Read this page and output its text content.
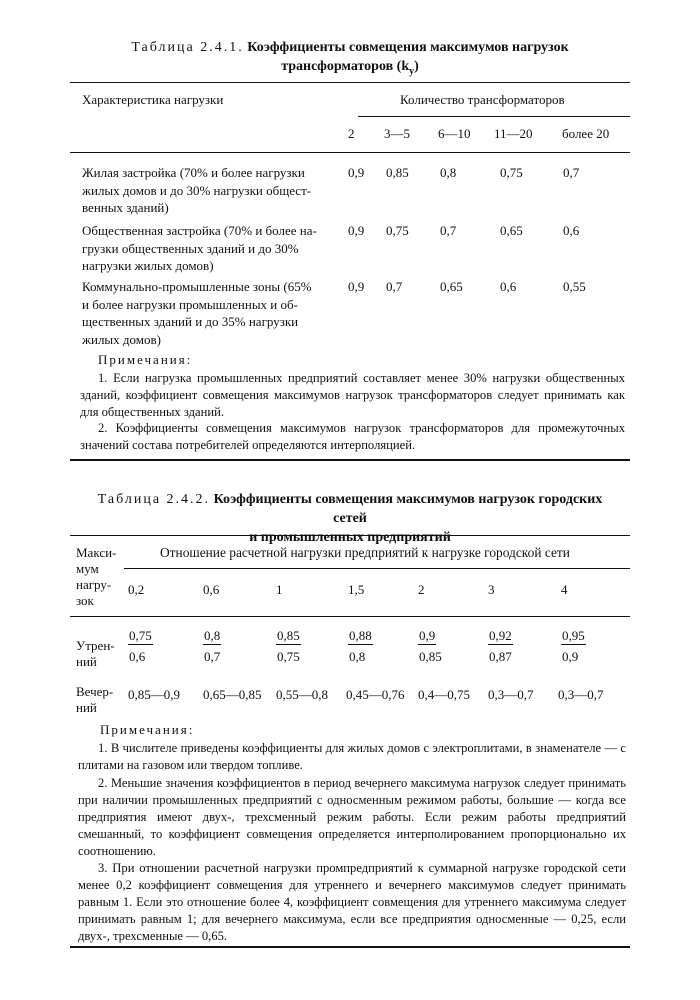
Таблица 2.4.1. Коэффициенты совмещения максимумов нагрузок
трансформаторов $(k_у)$
Характеристика нагрузки	Количество трансформаторов
2 3—5 6—10 11—20 более 20
Жилая застройка (70% и более нагрузки
жилых домов и до 30% нагрузки общест-
венных зданий)
0,9 0,85 0,8	0,75	0,7
Общественная застройка (70% и более на-
грузки общественных зданий и до 30%
нагрузки жилых домов)
0,9 0,75 0,7	0,65	0,6
Коммунально-промышленные зоны (65%
и более нагрузки промышленных и об-
щественных зданий и до 35% нагрузки
жилых домов)
0,9 0,7	0,65	0,6	0,55
Примечания:
1. Если нагрузка промышленных предприятий составляет менее 30% нагрузки общественных зданий, коэффициент совмещения максимумов нагрузок трансформаторов следует принимать как для общественных зданий.
2. Коэффициенты совмещения максимумов нагрузок трансформаторов для промежуточных значений состава потребителей определяются интерполяцией.
Таблица 2.4.2. Коэффициенты совмещения максимумов нагрузок городских сетей
и промышленных предприятий
Макси-
мум
нагру-
зок
Отношение расчетной нагрузки предприятий к нагрузке городской сети
0,2	0,6	1	1,5	2	3	4
Утрен-
ний	$\frac{0,75}{0,6}$	$\frac{0,8}{0,7}$	$\frac{0,85}{0,75}$	$\frac{0,88}{0,8}$	$\frac{0,9}{0,85}$	$\frac{0,92}{0,87}$	$\frac{0,95}{0,9}$
Вечер-
ний
0,85—0,9 0,65—0,85 0,55—0,8 0,45—0,76 0,4—0,75 0,3—0,7 0,3—0,7
Примечания:
1. В числителе приведены коэффициенты для жилых домов с электроплитами, в знаменателе — с плитами на газовом или твердом топливе.
2. Меньшие значения коэффициентов в период вечернего максимума нагрузок следует принимать при наличии промышленных предприятий с односменным режимом работы, большие — когда все предприятия имеют двух-, трехсменный режим работы. Если режим работы предприятий смешанный, то коэффициент совмещения определяется интерполированием пропорционально их соотношению.
3. При отношении расчетной нагрузки промпредприятий к суммарной нагрузке городской сети менее 0,2 коэффициент совмещения для утреннего и вечернего максимумов следует принимать равным 1. Если это отношение более 4, коэффициент совмещения для утреннего максимума следует принимать равным 1; для вечернего максимума, если все предприятия односменные — 0,25, если двух-, трехсменные — 0,65.
